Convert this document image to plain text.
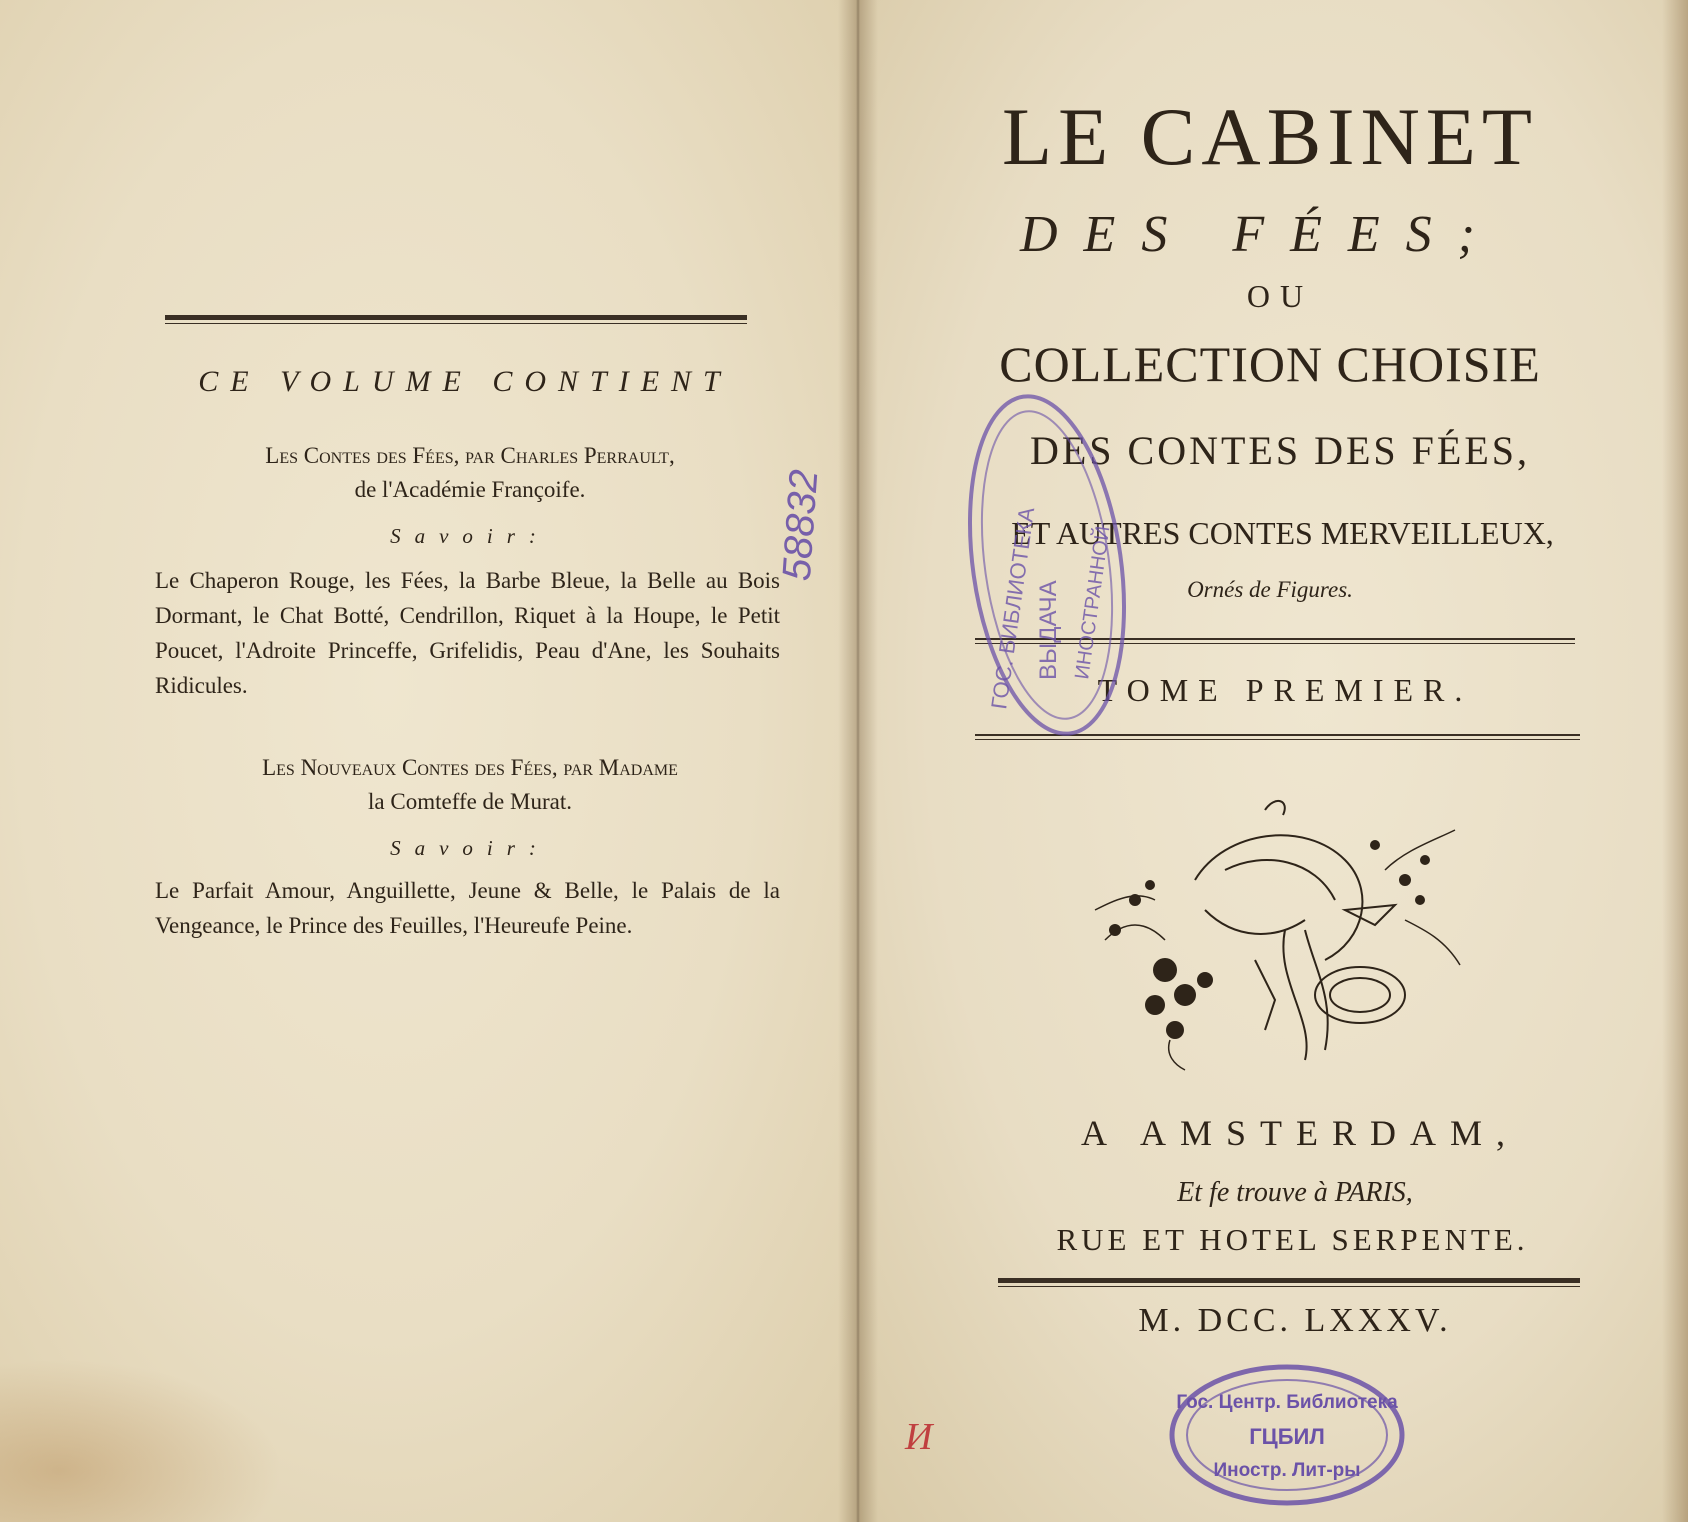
CE VOLUME CONTIENT
Les Contes des Fées, par Charles Perrault,
de l'Académie Françoife.
Savoir:
Le Chaperon Rouge, les Fées, la Barbe Bleue, la Belle au Bois Dormant, le Chat Botté, Cendrillon, Riquet à la Houpe, le Petit Poucet, l'Adroite Princeffe, Grifelidis, Peau d'Ane, les Souhaits Ridicules.
Les Nouveaux Contes des Fées, par Madame
la Comteffe de Murat.
Savoir:
Le Parfait Amour, Anguillette, Jeune & Belle, le Palais de la Vengeance, le Prince des Feuilles, l'Heureufe Peine.
LE CABINET
DES FÉES;
OU
COLLECTION CHOISIE
DES CONTES DES FÉES,
ET AUTRES CONTES MERVEILLEUX,
Ornés de Figures.
TOME PREMIER.
A AMSTERDAM,
Et fe trouve à PARIS,
RUE ET HOTEL SERPENTE.
M. DCC. LXXXV.
ГОС. БИБЛИОТЕКА
ВЫДАЧА ИНОСТРАННОЙ
Гос. Центр. Библиотека
ГЦБИЛ
Иностр. Лит-ры
И
